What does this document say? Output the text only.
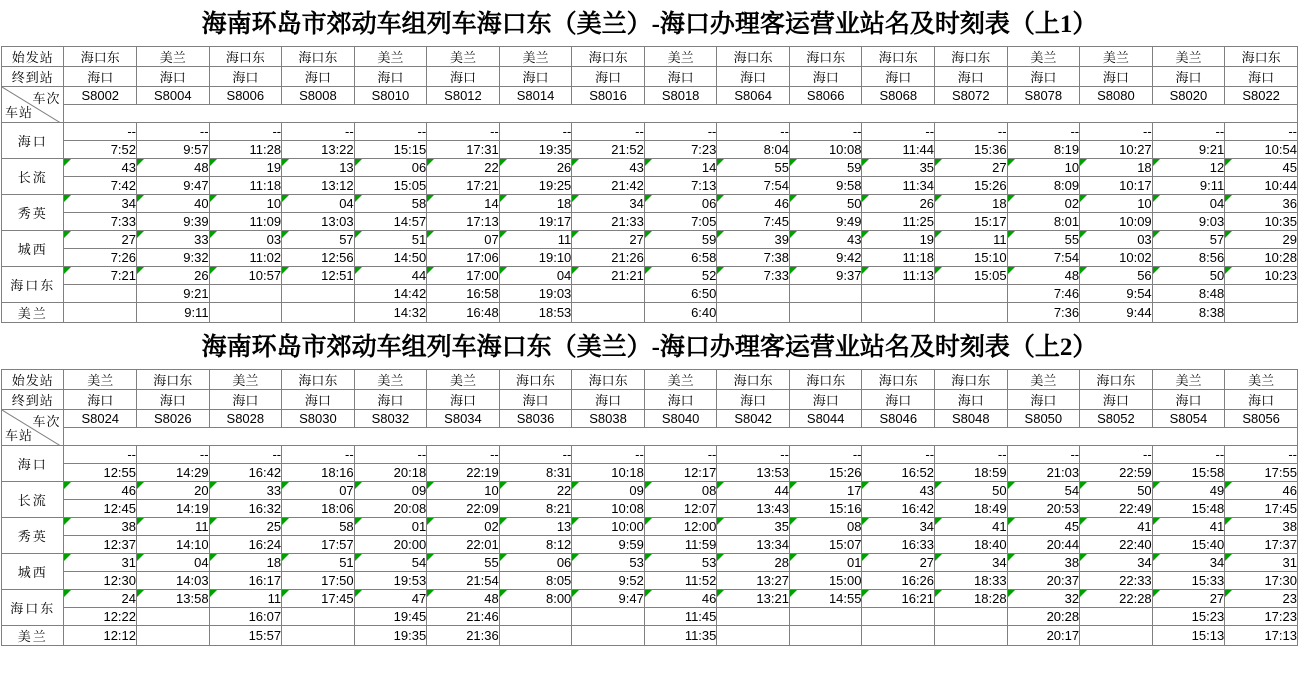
海南环岛市郊动车组列车海口东（美兰）-海口办理客运营业站名及时刻表（上1）
始发站	海口东	美兰	海口东	海口东	美兰	美兰	美兰	海口东	美兰	海口东	海口东	海口东	海口东	美兰	美兰	美兰	海口东
终到站	海口	海口	海口	海口	海口	海口	海口	海口	海口	海口	海口	海口	海口	海口	海口	海口	海口

车次
车站	S8002	S8004	S8006	S8008	S8010	S8012	S8014	S8016	S8018	S8064	S8066	S8068	S8072	S8078	S8080	S8020	S8022

海口	--	--	--	--	--	--	--	--	--	--	--	--	--	--	--	--	--
	7:52	9:57	11:28	13:22	15:15	17:31	19:35	21:52	7:23	8:04	10:08	11:44	15:36	8:19	10:27	9:21	10:54
长流	43	48	19	13	06	22	26	43	14	55	59	35	27	10	18	12	45
	7:42	9:47	11:18	13:12	15:05	17:21	19:25	21:42	7:13	7:54	9:58	11:34	15:26	8:09	10:17	9:11	10:44
秀英	34	40	10	04	58	14	18	34	06	46	50	26	18	02	10	04	36
	7:33	9:39	11:09	13:03	14:57	17:13	19:17	21:33	7:05	7:45	9:49	11:25	15:17	8:01	10:09	9:03	10:35
城西	27	33	03	57	51	07	11	27	59	39	43	19	11	55	03	57	29
	7:26	9:32	11:02	12:56	14:50	17:06	19:10	21:26	6:58	7:38	9:42	11:18	15:10	7:54	10:02	8:56	10:28
海口东	7:21	26	10:57	12:51	44	17:00	04	21:21	52	7:33	9:37	11:13	15:05	48	56	50	10:23
		9:21			14:42	16:58	19:03		6:50					7:46	9:54	8:48	
美兰		9:11			14:32	16:48	18:53		6:40					7:36	9:44	8:38	
海南环岛市郊动车组列车海口东（美兰）-海口办理客运营业站名及时刻表（上2）
始发站	美兰	海口东	美兰	海口东	美兰	美兰	海口东	海口东	美兰	海口东	海口东	海口东	海口东	美兰	海口东	美兰	美兰
终到站	海口	海口	海口	海口	海口	海口	海口	海口	海口	海口	海口	海口	海口	海口	海口	海口	海口

车次
车站	S8024	S8026	S8028	S8030	S8032	S8034	S8036	S8038	S8040	S8042	S8044	S8046	S8048	S8050	S8052	S8054	S8056

海口	--	--	--	--	--	--	--	--	--	--	--	--	--	--	--	--	--
	12:55	14:29	16:42	18:16	20:18	22:19	8:31	10:18	12:17	13:53	15:26	16:52	18:59	21:03	22:59	15:58	17:55
长流	46	20	33	07	09	10	22	09	08	44	17	43	50	54	50	49	46
	12:45	14:19	16:32	18:06	20:08	22:09	8:21	10:08	12:07	13:43	15:16	16:42	18:49	20:53	22:49	15:48	17:45
秀英	38	11	25	58	01	02	13	10:00	12:00	35	08	34	41	45	41	41	38
	12:37	14:10	16:24	17:57	20:00	22:01	8:12	9:59	11:59	13:34	15:07	16:33	18:40	20:44	22:40	15:40	17:37
城西	31	04	18	51	54	55	06	53	53	28	01	27	34	38	34	34	31
	12:30	14:03	16:17	17:50	19:53	21:54	8:05	9:52	11:52	13:27	15:00	16:26	18:33	20:37	22:33	15:33	17:30
海口东	24	13:58	11	17:45	47	48	8:00	9:47	46	13:21	14:55	16:21	18:28	32	22:28	27	23
	12:22		16:07		19:45	21:46			11:45					20:28		15:23	17:23
美兰	12:12		15:57		19:35	21:36			11:35					20:17		15:13	17:13
